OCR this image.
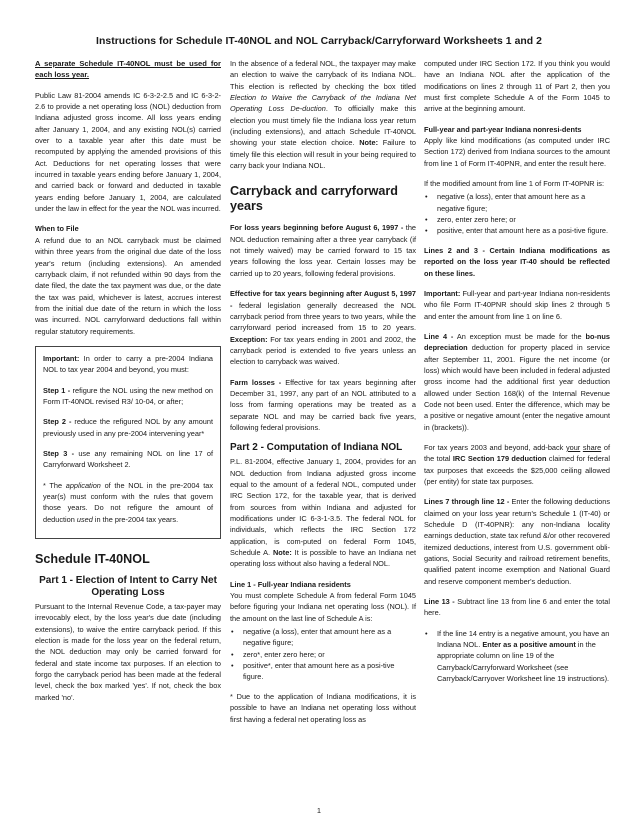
Instructions for Schedule IT-40NOL and NOL Carryback/Carryforward Worksheets 1 and 2

A separate Schedule IT-40NOL must be used for each loss year.

Public Law 81-2004 amends IC 6-3-2-2.5 and IC 6-3-2-2.6 to provide a net operating loss (NOL) deduction from Indiana adjusted gross income. All loss years ending after January 1, 2004, and any existing NOL(s) carried over to a taxable year after this date must be recomputed by applying the amended provisions of this Act. Deductions for net operating losses that were incurred in taxable years ending before January 1, 2004, and carried back or forward and deducted in taxable years ending before January 1, 2004, are calculated under the law in effect for the year the NOL was incurred.

When to File

A refund due to an NOL carryback must be claimed within three years from the original due date of the loss year's return (including extensions). An amended carryback claim, if not refunded within 90 days from the date filed, the date the tax payment was due, or the date the tax was paid, whichever is latest, accrues interest from the initial due date of the return in which the loss was incurred. NOL carryforward deductions fall within regular statutory requirements.

Important: In order to carry a pre-2004 Indiana NOL to tax year 2004 and beyond, you must:

Step 1 - refigure the NOL using the new method on Form IT-40NOL revised R3/ 10-04, or after;

Step 2 - reduce the refigured NOL by any amount previously used in any pre-2004 intervening year*

Step 3 - use any remaining NOL on line 17 of Carryforward Worksheet 2.

* The application of the NOL in the pre-2004 tax year(s) must conform with the rules that govern those years. Do not refigure the amount of deduction used in the pre-2004 tax years.

Schedule IT-40NOL
Part 1 - Election of Intent to Carry Net Operating Loss

Pursuant to the Internal Revenue Code, a tax-payer may irrevocably elect, by the loss year's due date (including extensions), to waive the entire carryback period. If this election is made for the loss year on the federal return, the NOL deduction may only be carried forward for federal and state income tax purposes. If an election to forgo the carryback period has been made at the federal level, check the box marked 'yes'. If not, check the box marked 'no'.

In the absence of a federal NOL, the taxpayer may make an election to waive the carryback of its Indiana NOL. This election is reflected by checking the box titled Election to Waive the Carryback of the Indiana Net Operating Loss De-duction. To officially make this election you must timely file the Indiana loss year return (including extensions), and attach Schedule IT-40NOL showing your state election choice. Note: Failure to timely file this election will result in your being required to carry back your Indiana NOL.

Carryback and carryforward years

For loss years beginning before August 6, 1997 - the NOL deduction remaining after a three year carryback (if not timely waived) may be carried forward to 15 tax years following the loss year. Certain losses may be carried up to 20 years, following federal provisions.

Effective for tax years beginning after August 5, 1997 - federal legislation generally decreased the NOL carryback period from three years to two years, while the carryforward period increased from 15 to 20 years. Exception: For tax years ending in 2001 and 2002, the carryback period is extended to five years unless an election to carryback was waived.

Farm losses - Effective for tax years beginning after December 31, 1997, any part of an NOL attributed to a loss from farming operations may be treated as a separate NOL and may be carried back five years, following federal provisions.

Part 2 - Computation of Indiana NOL

P.L. 81-2004, effective January 1, 2004, provides for an NOL deduction from Indiana adjusted gross income equal to the amount of a federal NOL, computed under IRC Section 172, for the taxable year, that is derived from sources from within Indiana and adjusted for modifications under IC 6-3-1-3.5. The federal NOL for individuals, which reflects the IRC Section 172 application, is com-puted on federal Form 1045, Schedule A. Note: It is possible to have an Indiana net operating loss without also having a federal NOL.

Line 1 - Full-year Indiana residents

You must complete Schedule A from federal Form 1045 before figuring your Indiana net operating loss (NOL). If the amount on the last line of Schedule A is:

• negative (a loss), enter that amount here as a negative figure;
• zero*, enter zero here; or
• positive*, enter that amount here as a posi-tive figure.

* Due to the application of Indiana modifications, it is possible to have an Indiana net operating loss without first having a federal net operating loss as

computed under IRC Section 172. If you think you would have an Indiana NOL after the application of the modifications on lines 2 through 11 of Part 2, then you must first complete Schedule A of the Form 1045 to arrive at the beginning amount.

Full-year and part-year Indiana nonresi-dents

Apply like kind modifications (as computed under IRC Section 172) derived from Indiana sources to the amount from line 1 of Form IT-40PNR, and enter the result here.

If the modified amount from line 1 of Form IT-40PNR is:

• negative (a loss), enter that amount here as a negative figure;
• zero, enter zero here; or
• positive, enter that amount here as a posi-tive figure.

Lines 2 and 3 - Certain Indiana modifications as reported on the loss year IT-40 should be reflected on these lines.

Important: Full-year and part-year Indiana non-residents who file Form IT-40PNR should skip lines 2 through 5 and enter the amount from line 1 on line 6.

Line 4 - An exception must be made for the bo-nus depreciation deduction for property placed in service after September 11, 2001. Figure the net income (or loss) which would have been included in federal adjusted gross income had the additional first year deduction allowed under Section 168(k) of the Internal Revenue Code not been used. Enter the difference, which may be a positive or negative amount (enter the negative amount in (brackets)).

For tax years 2003 and beyond, add-back your share of the total IRC Section 179 deduction claimed for federal tax purposes that exceeds the $25,000 ceiling allowed (per entity) for state tax purposes.

Lines 7 through line 12 - Enter the following deductions claimed on your loss year return's Schedule 1 (IT-40) or Schedule D (IT-40PNR): any non-Indiana locality earnings deduction, state tax refund &/or other recovered itemized deductions, interest from U.S. government obli-gations, Social Security and railroad retirement benefits, qualified patent income exemption and National Guard and reserve component member's deduction.

Line 13 - Subtract line 13 from line 6 and enter the total here.

• If the line 14 entry is a negative amount, you have an Indiana NOL. Enter as a positive amount in the appropriate column on line 19 of the Carryback/Carryforward Worksheet (see Carryback/Carryover Worksheet line 19 instructions).
1
